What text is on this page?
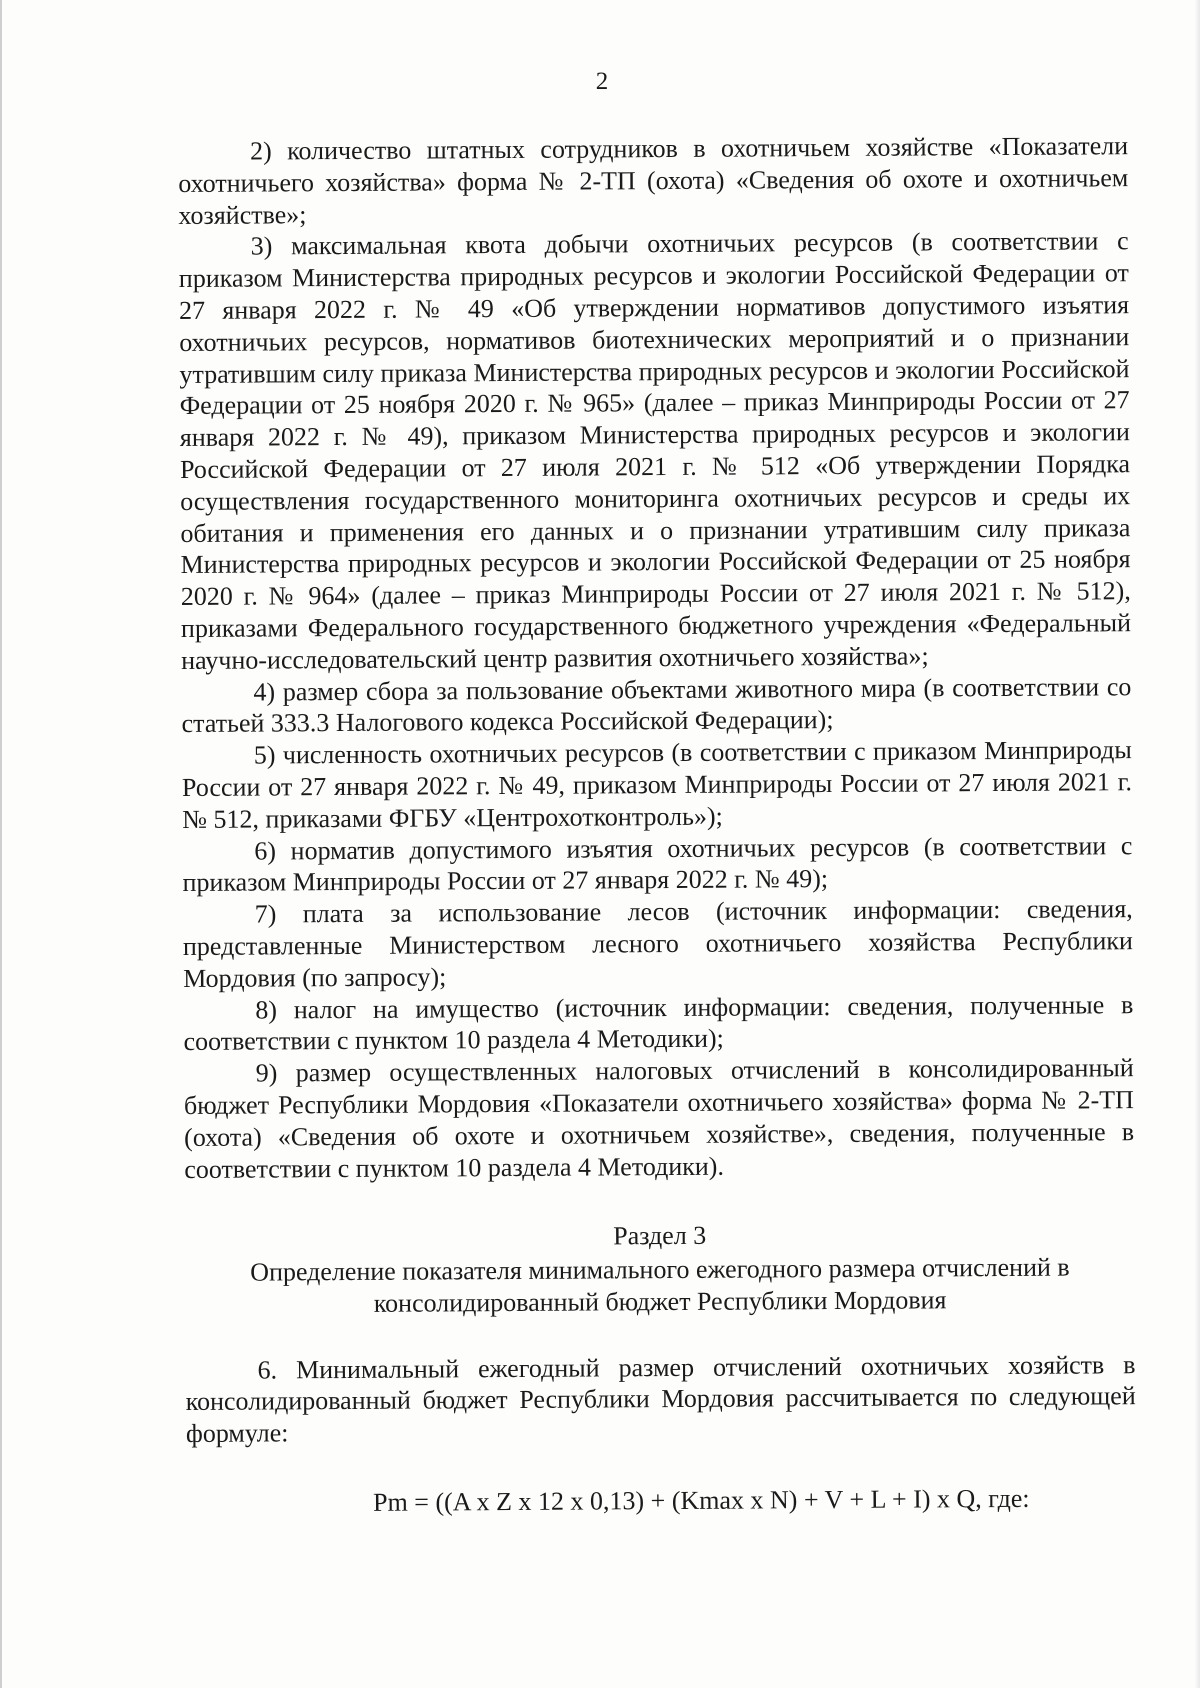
2

2) количество штатных сотрудников в охотничьем хозяйстве «Показатели охотничьего хозяйства» форма № 2-ТП (охота) «Сведения об охоте и охотничьем хозяйстве»;

3) максимальная квота добычи охотничьих ресурсов (в соответствии с приказом Министерства природных ресурсов и экологии Российской Федерации от 27 января 2022 г. № 49 «Об утверждении нормативов допустимого изъятия охотничьих ресурсов, нормативов биотехнических мероприятий и о признании утратившим силу приказа Министерства природных ресурсов и экологии Российской Федерации от 25 ноября 2020 г. № 965» (далее – приказ Минприроды России от 27 января 2022 г. № 49), приказом Министерства природных ресурсов и экологии Российской Федерации от 27 июля 2021 г. № 512 «Об утверждении Порядка осуществления государственного мониторинга охотничьих ресурсов и среды их обитания и применения его данных и о признании утратившим силу приказа Министерства природных ресурсов и экологии Российской Федерации от 25 ноября 2020 г. № 964» (далее – приказ Минприроды России от 27 июля 2021 г. № 512), приказами Федерального государственного бюджетного учреждения «Федеральный научно-исследовательский центр развития охотничьего хозяйства»;

4) размер сбора за пользование объектами животного мира (в соответствии со статьей 333.3 Налогового кодекса Российской Федерации);

5) численность охотничьих ресурсов (в соответствии с приказом Минприроды России от 27 января 2022 г. № 49, приказом Минприроды России от 27 июля 2021 г. № 512, приказами ФГБУ «Центрохотконтроль»);

6) норматив допустимого изъятия охотничьих ресурсов (в соответствии с приказом Минприроды России от 27 января 2022 г. № 49);

7) плата за использование лесов (источник информации: сведения, представленные Министерством лесного охотничьего хозяйства Республики Мордовия (по запросу);

8) налог на имущество (источник информации: сведения, полученные в соответствии с пунктом 10 раздела 4 Методики);

9) размер осуществленных налоговых отчислений в консолидированный бюджет Республики Мордовия «Показатели охотничьего хозяйства» форма № 2-ТП (охота) «Сведения об охоте и охотничьем хозяйстве», сведения, полученные в соответствии с пунктом 10 раздела 4 Методики).

Раздел 3
Определение показателя минимального ежегодного размера отчислений в консолидированный бюджет Республики Мордовия

6. Минимальный ежегодный размер отчислений охотничьих хозяйств в консолидированный бюджет Республики Мордовия рассчитывается по следующей формуле:

Pm = ((A x Z x 12 x 0,13) + (Kmax x N) + V + L + I) x Q, где:
